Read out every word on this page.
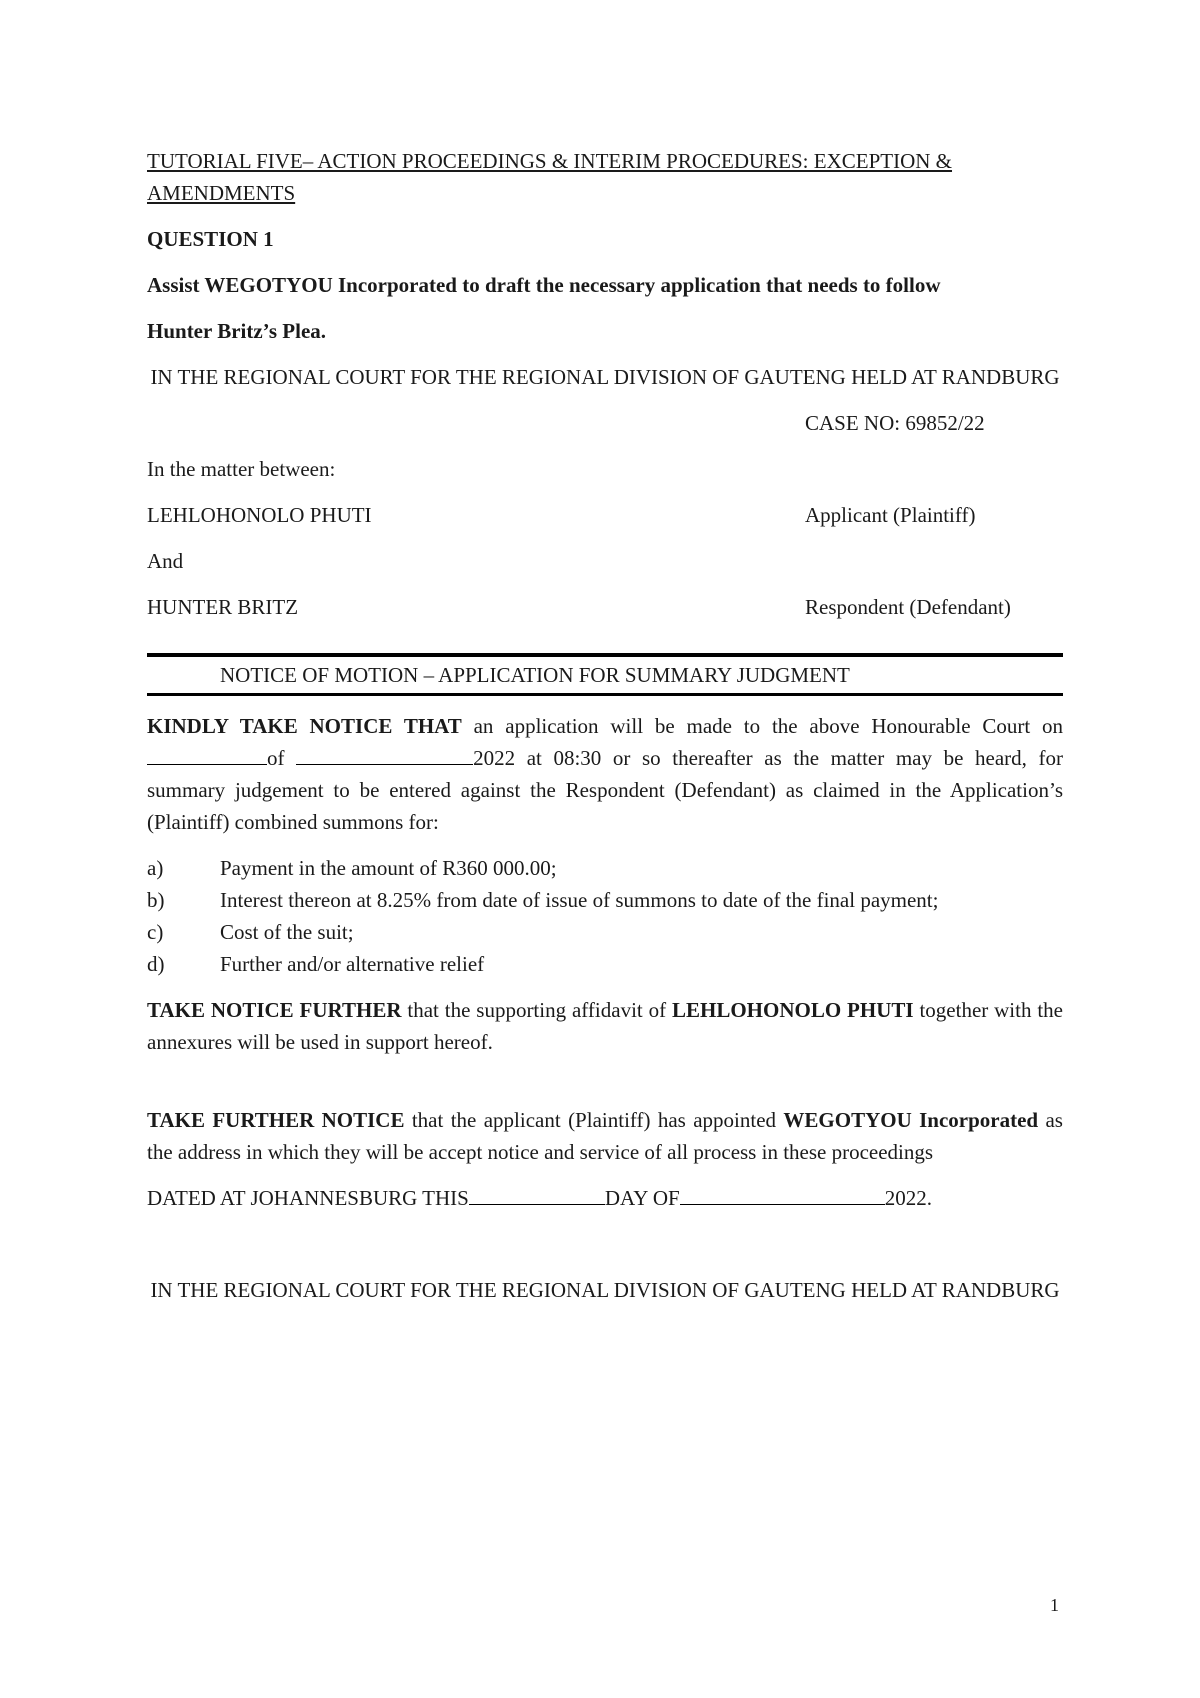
TUTORIAL FIVE– ACTION PROCEEDINGS & INTERIM PROCEDURES: EXCEPTION & AMENDMENTS

QUESTION 1

Assist WEGOTYOU Incorporated to draft the necessary application that needs to follow

Hunter Britz’s Plea.

IN THE REGIONAL COURT FOR THE REGIONAL DIVISION OF GAUTENG HELD AT RANDBURG

CASE NO: 69852/22

In the matter between:

LEHLOHONOLO PHUTI	Applicant (Plaintiff)

And

HUNTER BRITZ	Respondent (Defendant)

NOTICE OF MOTION – APPLICATION FOR SUMMARY JUDGMENT

KINDLY TAKE NOTICE THAT an application will be made to the above Honourable Court onof	2022 at 08:30 or so thereafter as the matter may be heard, for summary judgement to be entered against the Respondent (Defendant) as claimed in the Application’s (Plaintiff) combined summons for:

a)	Payment in the amount of R360 000.00;
b)	Interest thereon at 8.25% from date of issue of summons to date of the final payment;
c)	Cost of the suit;
d)	Further and/or alternative relief

TAKE NOTICE FURTHER that the supporting affidavit of LEHLOHONOLO PHUTI together with the annexures will be used in support hereof.

TAKE FURTHER NOTICE that the applicant (Plaintiff) has appointed WEGOTYOU Incorporated as the address in which they will be accept notice and service of all process in these proceedings

DATED AT JOHANNESBURG THIS	DAY OF	2022.

IN THE REGIONAL COURT FOR THE REGIONAL DIVISION OF GAUTENG HELD AT RANDBURG

1
